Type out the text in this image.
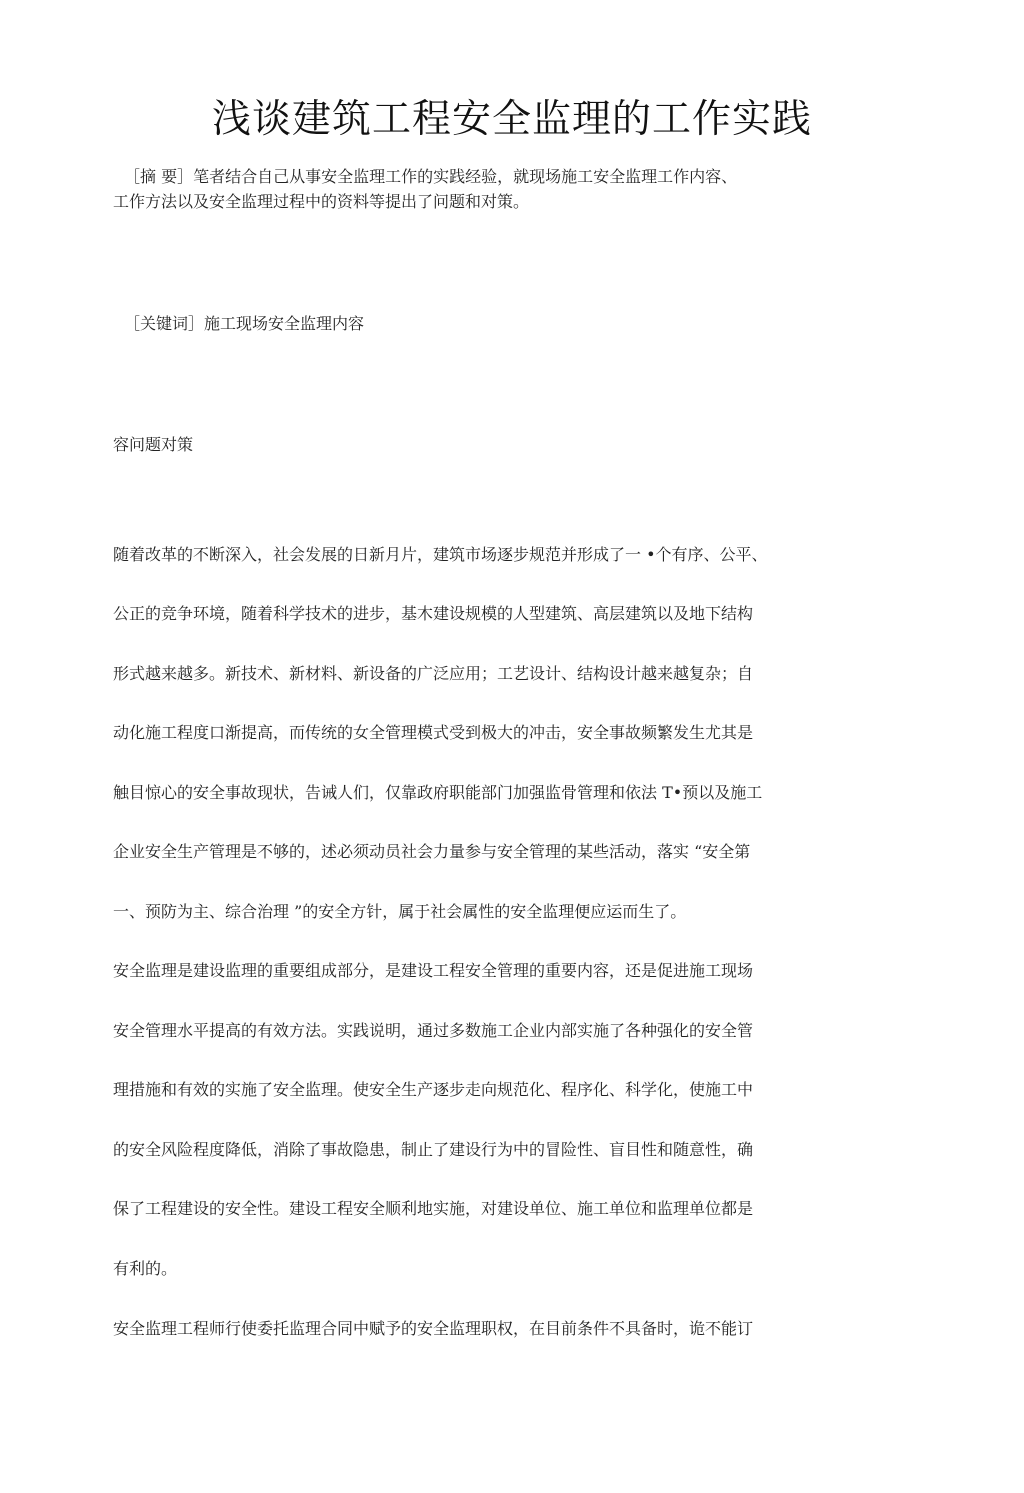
浅谈建筑工程安全监理的工作实践
［摘 要］笔者结合自己从事安全监理工作的实践经验，就现场施工安全监理工作内容、
工作方法以及安全监理过程中的资料等提出了问题和对策。
［关键词］施工现场安全监理内容
容问题对策
随着改革的不断深入，社会发展的日新月片，建筑市场逐步规范并形成了一 •个有序、公平、
公正的竞争环境，随着科学技术的进步，基木建设规模的人型建筑、高层建筑以及地下结构
形式越来越多。新技术、新材料、新设备的广泛应用；工艺设计、结构设计越来越复杂；自
动化施工程度口渐提高，而传统的女全管理模式受到极大的冲击，安全事故频繁发生尤其是
触目惊心的安全事故现状，告诫人们，仅靠政府职能部门加强监骨管理和依法 T•预以及施工
企业安全生产管理是不够的，述必须动员社会力量参与安全管理的某些活动，落实 “安全第
一、预防为主、综合治理 ”的安全方针，属于社会属性的安全监理便应运而生了。
安全监理是建设监理的重要组成部分，是建设工程安全管理的重要内容，还是促进施工现场
安全管理水平提高的有效方法。实践说明，通过多数施工企业内部实施了各种强化的安全管
理措施和有效的实施了安全监理。使安全生产逐步走向规范化、程序化、科学化，使施工中
的安全风险程度降低，消除了事故隐患，制止了建设行为中的冒险性、盲目性和随意性，确
保了工程建设的安全性。建设工程安全顺利地实施，对建设单位、施工单位和监理单位都是
有利的。
安全监理工程师行使委托监理合同中赋予的安全监理职权，在目前条件不具备时，诡不能订
